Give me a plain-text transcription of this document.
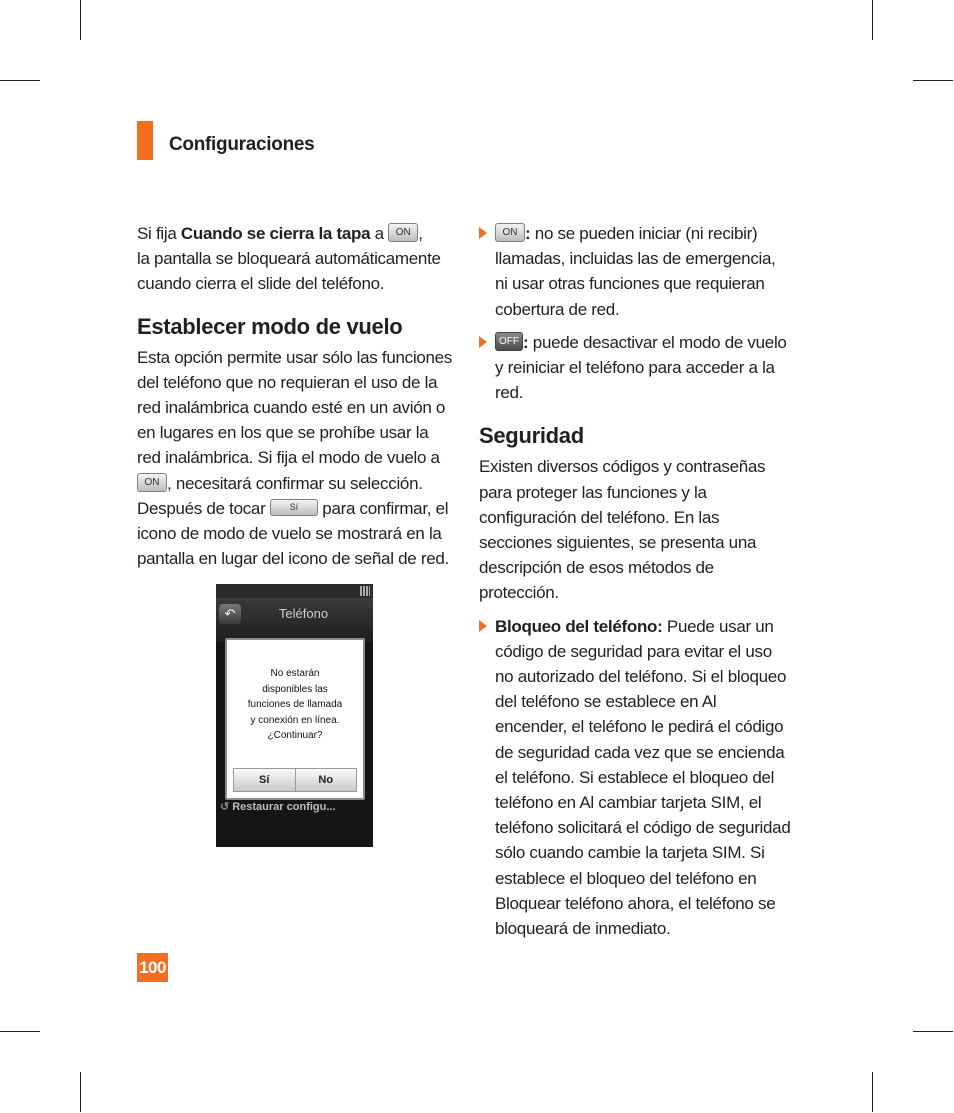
Configuraciones

Si fija Cuando se cierra la tapa a ON ,

la pantalla se bloqueará automáticamente

cuando cierra el slide del teléfono.

Establecer modo de vuelo

Esta opción permite usar sólo las funciones del teléfono que no requieran el uso de la red inalámbrica cuando esté en un avión o en lugares en los que se prohíbe usar la red inalámbrica. Si fija el modo de vuelo a ON , necesitará confirmar su selección. Después de tocar Sí para confirmar, el icono de modo de vuelo se mostrará en la pantalla en lugar del icono de señal de red.

↶	Teléfono
No estarán
disponibles las
funciones de llamada
y conexión en línea.
¿Continuar?
Sí	No
↺ Restaurar configu...
ON : no se pueden iniciar (ni recibir) llamadas, incluidas las de emergencia, ni usar otras funciones que requieran cobertura de red.
OFF : puede desactivar el modo de vuelo y reiniciar el teléfono para acceder a la red.
Seguridad

Existen diversos códigos y contraseñas para proteger las funciones y la configuración del teléfono. En las secciones siguientes, se presenta una descripción de esos métodos de protección.

Bloqueo del teléfono: Puede usar un código de seguridad para evitar el uso no autorizado del teléfono. Si el bloqueo del teléfono se establece en Al encender, el teléfono le pedirá el código de seguridad cada vez que se encienda el teléfono. Si establece el bloqueo del teléfono en Al cambiar tarjeta SIM, el teléfono solicitará el código de seguridad sólo cuando cambie la tarjeta SIM. Si establece el bloqueo del teléfono en Bloquear teléfono ahora, el teléfono se bloqueará de inmediato.
100
